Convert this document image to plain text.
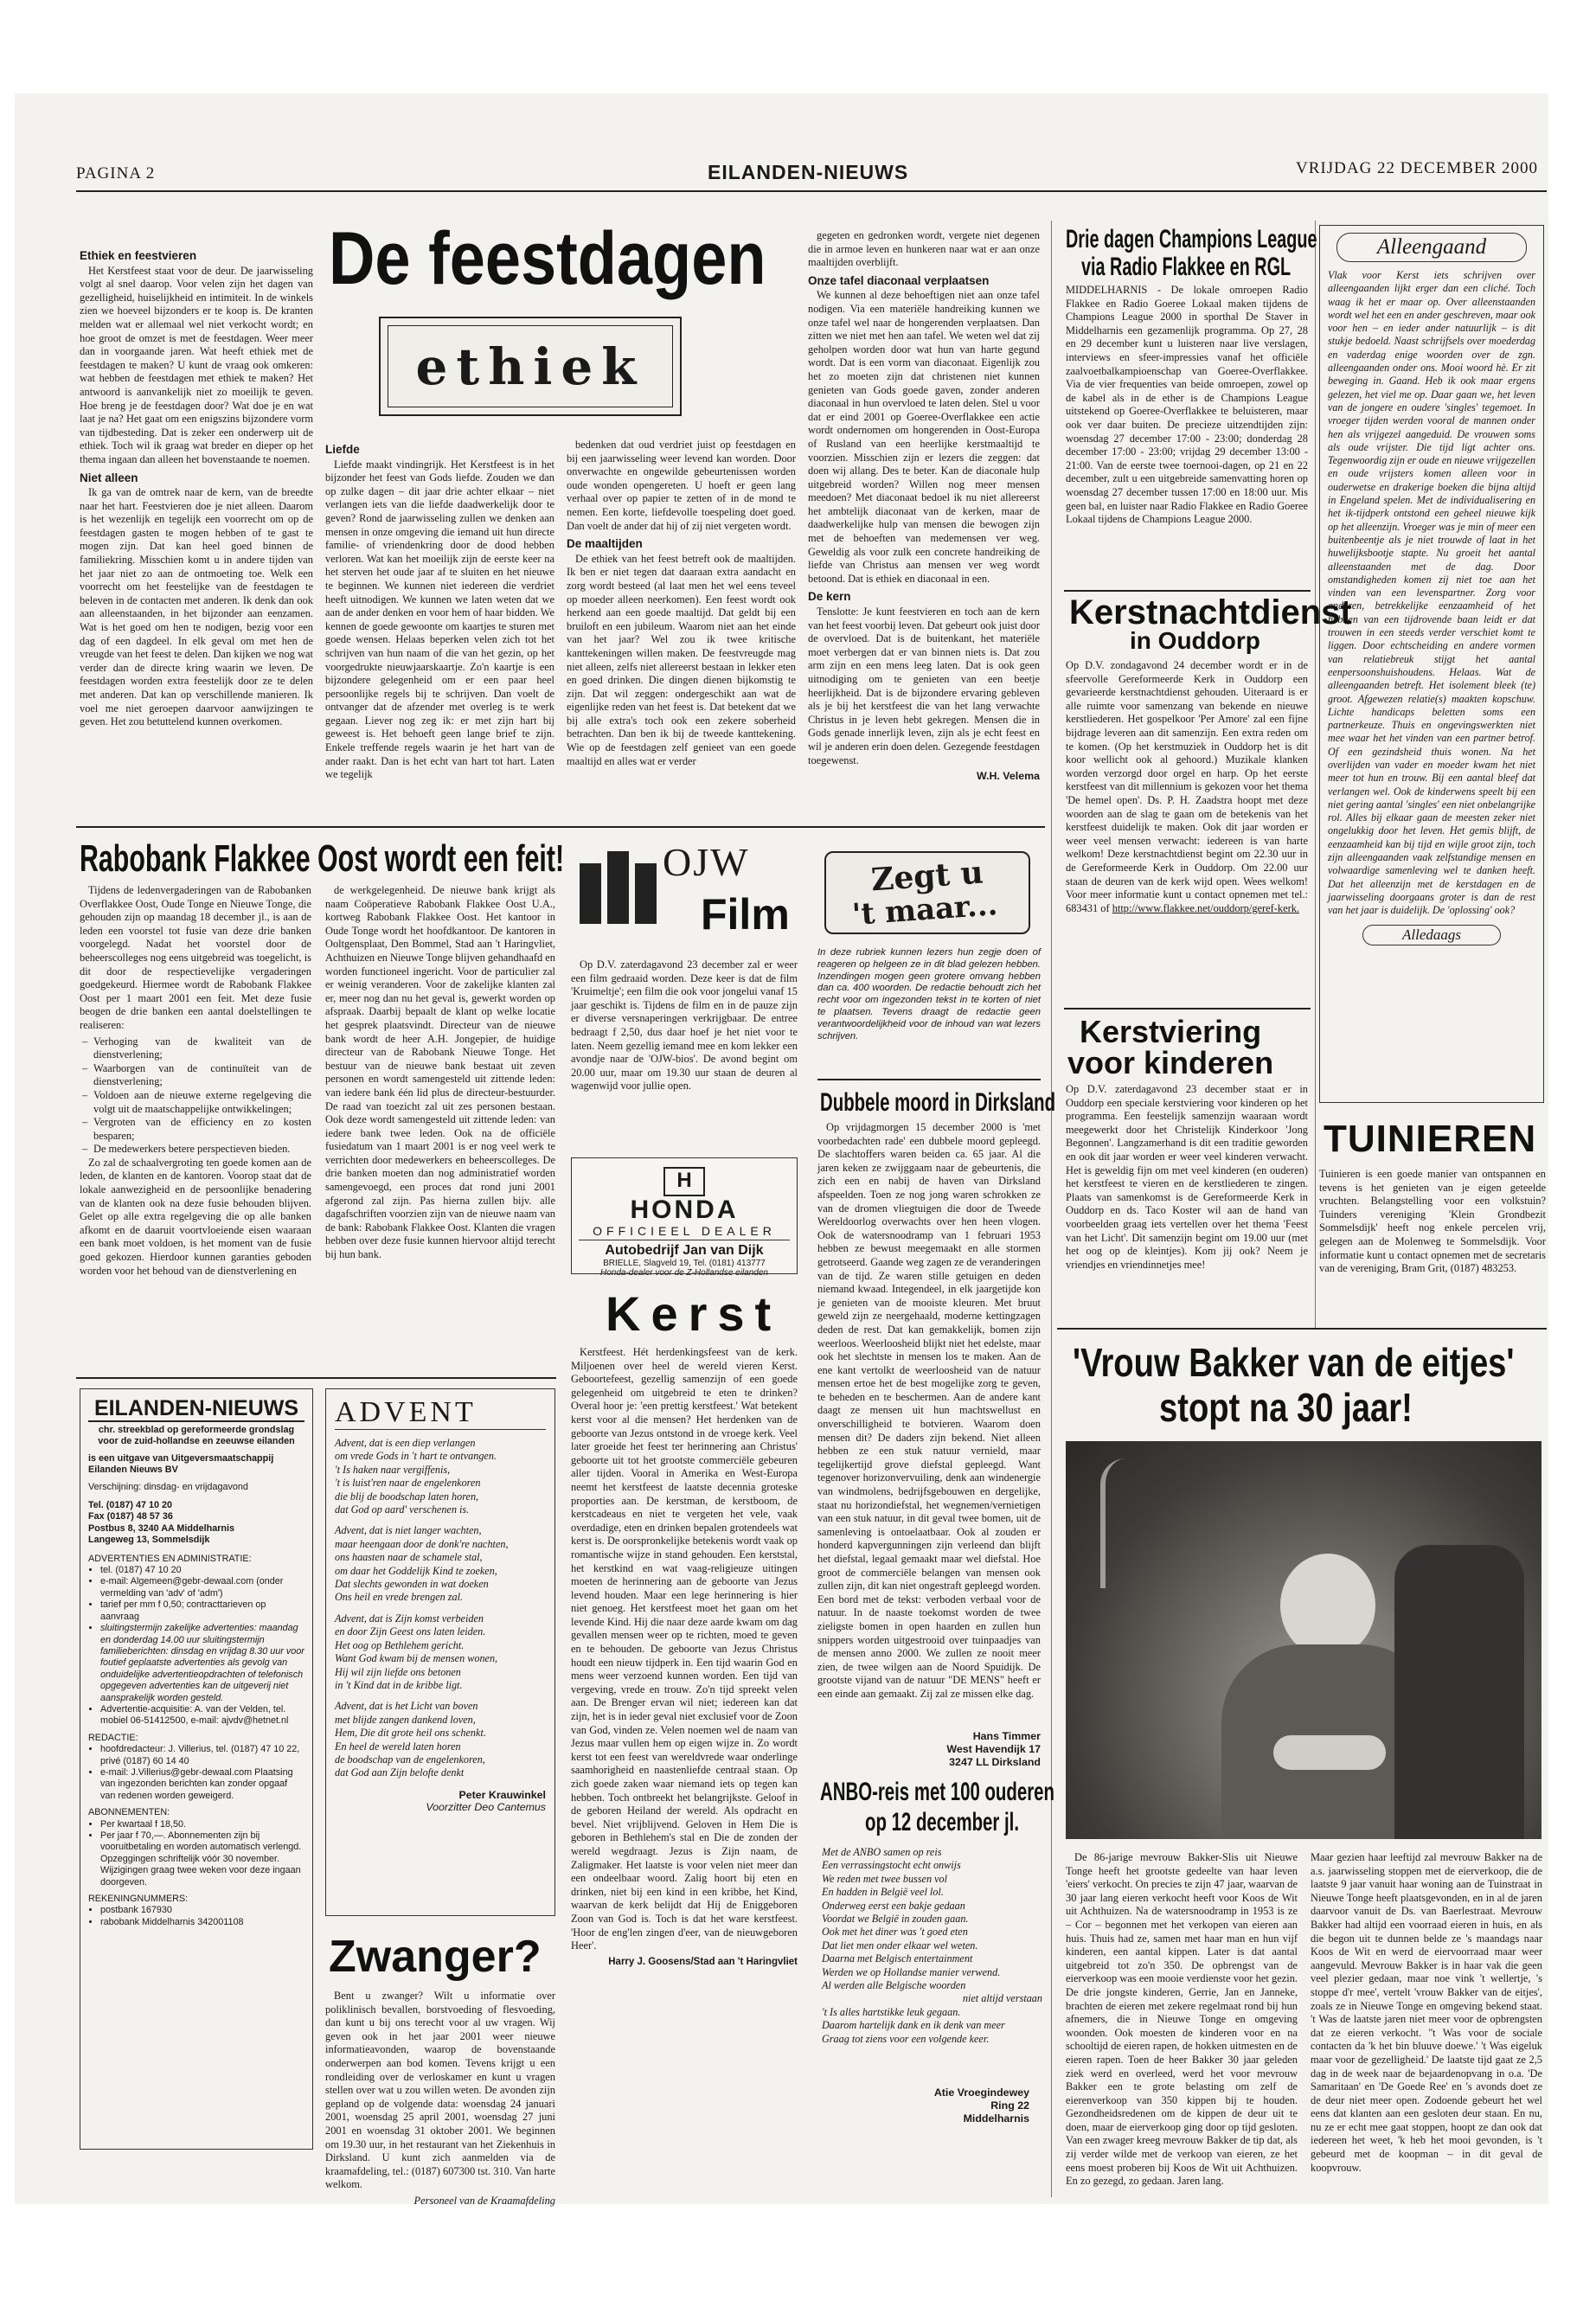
PAGINA 2	EILANDEN-NIEUWS	VRIJDAG 22 DECEMBER 2000
De feestdagen
ethiek
Ethiek en feestvieren

Het Kerstfeest staat voor de deur. De jaarwisseling volgt al snel daarop. Voor velen zijn het dagen van gezelligheid, huiselijkheid en intimiteit. In de winkels zien we hoeveel bijzonders er te koop is. De kranten melden wat er allemaal wel niet verkocht wordt; en hoe groot de omzet is met de feestdagen. Weer meer dan in voorgaande jaren. Wat heeft ethiek met de feestdagen te maken? U kunt de vraag ook omkeren: wat hebben de feestdagen met ethiek te maken? Het antwoord is aanvankelijk niet zo moeilijk te geven. Hoe breng je de feestdagen door? Wat doe je en wat laat je na? Het gaat om een enigszins bijzondere vorm van tijdbesteding. Dat is zeker een onderwerp uit de ethiek. Toch wil ik graag wat breder en dieper op het thema ingaan dan alleen het bovenstaande te noemen.

Niet alleen

Ik ga van de omtrek naar de kern, van de breedte naar het hart. Feestvieren doe je niet alleen. Daarom is het wezenlijk en tegelijk een voorrecht om op de feestdagen gasten te mogen hebben of te gast te mogen zijn. Dat kan heel goed binnen de familiekring. Misschien komt u in andere tijden van het jaar niet zo aan de ontmoeting toe. Welk een voorrecht om het feestelijke van de feestdagen te beleven in de contacten met anderen. Ik denk dan ook aan alleenstaanden, in het bijzonder aan eenzamen. Wat is het goed om hen te nodigen, bezig voor een dag of een dagdeel. In elk geval om met hen de vreugde van het feest te delen. Dan kijken we nog wat verder dan de directe kring waarin we leven. De feestdagen worden extra feestelijk door ze te delen met anderen. Dat kan op verschillende manieren. Ik voel me niet geroepen daarvoor aanwijzingen te geven. Het zou betuttelend kunnen overkomen.

Liefde

Liefde maakt vindingrijk. Het Kerstfeest is in het bijzonder het feest van Gods liefde. Zouden we dan op zulke dagen – dit jaar drie achter elkaar – niet verlangen iets van die liefde daadwerkelijk door te geven? Rond de jaarwisseling zullen we denken aan mensen in onze omgeving die iemand uit hun directe familie- of vriendenkring door de dood hebben verloren. Wat kan het moeilijk zijn de eerste keer na het sterven het oude jaar af te sluiten en het nieuwe te beginnen. We kunnen niet iedereen die verdriet heeft uitnodigen. We kunnen we laten weten dat we aan de ander denken en voor hem of haar bidden. We kennen de goede gewoonte om kaartjes te sturen met goede wensen. Helaas beperken velen zich tot het schrijven van hun naam of die van het gezin, op het voorgedrukte nieuwjaarskaartje. Zo'n kaartje is een bijzondere gelegenheid om er een paar heel persoonlijke regels bij te schrijven. Dan voelt de ontvanger dat de afzender met overleg is te werk gegaan. Liever nog zeg ik: er met zijn hart bij geweest is. Het behoeft geen lange brief te zijn. Enkele treffende regels waarin je het hart van de ander raakt. Dan is het echt van hart tot hart. Laten we tegelijk

bedenken dat oud verdriet juist op feestdagen en bij een jaarwisseling weer levend kan worden. Door onverwachte en ongewilde gebeurtenissen worden oude wonden opengereten. U hoeft er geen lang verhaal over op papier te zetten of in de mond te nemen. Een korte, liefdevolle toespeling doet goed. Dan voelt de ander dat hij of zij niet vergeten wordt.

De maaltijden

De ethiek van het feest betreft ook de maaltijden. Ik ben er niet tegen dat daaraan extra aandacht en zorg wordt besteed (al laat men het wel eens teveel op moeder alleen neerkomen). Een feest wordt ook herkend aan een goede maaltijd. Dat geldt bij een bruiloft en een jubileum. Waarom niet aan het einde van het jaar? Wel zou ik twee kritische kanttekeningen willen maken. De feestvreugde mag niet alleen, zelfs niet allereerst bestaan in lekker eten en goed drinken. Die dingen dienen bijkomstig te zijn. Dat wil zeggen: ondergeschikt aan wat de eigenlijke reden van het feest is. Dat betekent dat we bij alle extra's toch ook een zekere soberheid betrachten. Dan ben ik bij de tweede kanttekening. Wie op de feestdagen zelf genieet van een goede maaltijd en alles wat er verder

gegeten en gedronken wordt, vergete niet degenen die in armoe leven en hunkeren naar wat er aan onze maaltijden overblijft.

Onze tafel diaconaal verplaatsen

We kunnen al deze behoeftigen niet aan onze tafel nodigen. Via een materiële handreiking kunnen we onze tafel wel naar de hongerenden verplaatsen. Dan zitten we niet met hen aan tafel. We weten wel dat zij geholpen worden door wat hun van harte gegund wordt. Dat is een vorm van diaconaat. Eigenlijk zou het zo moeten zijn dat christenen niet kunnen genieten van Gods goede gaven, zonder anderen diaconaal in hun overvloed te laten delen. Stel u voor dat er eind 2001 op Goeree-Overflakkee een actie wordt ondernomen om hongerenden in Oost-Europa of Rusland van een heerlijke kerstmaaltijd te voorzien. Misschien zijn er lezers die zeggen: dat doen wij allang. Des te beter. Kan de diaconale hulp uitgebreid worden? Willen nog meer mensen meedoen? Met diaconaat bedoel ik nu niet allereerst het ambtelijk diaconaat van de kerken, maar de daadwerkelijke hulp van mensen die bewogen zijn met de behoeften van medemensen ver weg. Geweldig als voor zulk een concrete handreiking de liefde van Christus aan mensen ver weg wordt betoond. Dat is ethiek en diaconaal in een.

De kern

Tenslotte: Je kunt feestvieren en toch aan de kern van het feest voorbij leven. Dat gebeurt ook juist door de overvloed. Dat is de buitenkant, het materiële moet verbergen dat er van binnen niets is. Dat zou arm zijn en een mens leeg laten. Dat is ook geen uitnodiging om te genieten van een beetje heerlijkheid. Dat is de bijzondere ervaring gebleven als je bij het kerstfeest die van het lang verwachte Christus in je leven hebt gekregen. Mensen die in Gods genade innerlijk leven, zijn als je echt feest en wil je anderen erin doen delen. Gezegende feestdagen toegewenst.

W.H. Velema
Rabobank Flakkee Oost wordt een feit!

Tijdens de ledenvergaderingen van de Rabobanken Overflakkee Oost, Oude Tonge en Nieuwe Tonge, die gehouden zijn op maandag 18 december jl., is aan de leden een voorstel tot fusie van deze drie banken voorgelegd. Nadat het voorstel door de beheerscolleges nog eens uitgebreid was toegelicht, is dit door de respectievelijke vergaderingen goedgekeurd. Hiermee wordt de Rabobank Flakkee Oost per 1 maart 2001 een feit. Met deze fusie beogen de drie banken een aantal doelstellingen te realiseren:

– Verhoging van de kwaliteit van de dienstverlening;
– Waarborgen van de continuïteit van de dienstverlening;
– Voldoen aan de nieuwe externe regelgeving die volgt uit de maatschappelijke ontwikkelingen;
– Vergroten van de efficiency en zo kosten besparen;
– De medewerkers betere perspectieven bieden.

Zo zal de schaalvergroting ten goede komen aan de leden, de klanten en de kantoren. Voorop staat dat de lokale aanwezigheid en de persoonlijke benadering van de klanten ook na deze fusie behouden blijven. Gelet op alle extra regelgeving die op alle banken afkomt en de daaruit voortvloeiende eisen waaraan een bank moet voldoen, is het moment van de fusie goed gekozen. Hierdoor kunnen garanties geboden worden voor het behoud van de dienstverlening en

de werkgelegenheid. De nieuwe bank krijgt als naam Coöperatieve Rabobank Flakkee Oost U.A., kortweg Rabobank Flakkee Oost. Het kantoor in Oude Tonge wordt het hoofdkantoor. De kantoren in Ooltgensplaat, Den Bommel, Stad aan 't Haringvliet, Achthuizen en Nieuwe Tonge blijven gehandhaafd en worden functioneel ingericht. Voor de particulier zal er weinig veranderen. Voor de zakelijke klanten zal er, meer nog dan nu het geval is, gewerkt worden op afspraak. Daarbij bepaalt de klant op welke locatie het gesprek plaatsvindt. Directeur van de nieuwe bank wordt de heer A.H. Jongepier, de huidige directeur van de Rabobank Nieuwe Tonge. Het bestuur van de nieuwe bank bestaat uit zeven personen en wordt samengesteld uit zittende leden: van iedere bank één lid plus de directeur-bestuurder. De raad van toezicht zal uit zes personen bestaan. Ook deze wordt samengesteld uit zittende leden: van iedere bank twee leden. Ook na de officiële fusiedatum van 1 maart 2001 is er nog veel werk te verrichten door medewerkers en beheerscolleges. De drie banken moeten dan nog administratief worden samengevoegd, een proces dat rond juni 2001 afgerond zal zijn. Pas hierna zullen bijv. alle dagafschriften voorzien zijn van de nieuwe naam van de bank: Rabobank Flakkee Oost. Klanten die vragen hebben over deze fusie kunnen hiervoor altijd terecht bij hun bank.

EILANDEN-NIEUWS
chr. streekblad op gereformeerde grondslag voor de zuid-hollandse en zeeuwse eilanden
is een uitgave van Uitgeversmaatschappij Eilanden Nieuws BV
Verschijning: dinsdag- en vrijdagavond
Tel. (0187) 47 10 20
Fax (0187) 48 57 36
Postbus 8, 3240 AA Middelharnis
Langeweg 13, Sommelsdijk
ADVERTENTIES EN ADMINISTRATIE:
• tel. (0187) 47 10 20
• e-mail: Algemeen@gebr-dewaal.com (onder vermelding van 'adv' of 'adm')
• tarief per mm f 0,50; contracttarieven op aanvraag
• sluitingstermijn zakelijke advertenties: maandag en donderdag 14.00 uur sluitingstermijn familieberichten: dinsdag en vrijdag 8.30 uur voor foutief geplaatste advertenties als gevolg van onduidelijke advertentieopdrachten of telefonisch opgegeven advertenties kan de uitgeverij niet aansprakelijk worden gesteld.
• Advertentie-acquisitie: A. van der Velden, tel. mobiel 06-51412500, e-mail: ajvdv@hetnet.nl
REDACTIE:
• hoofdredacteur: J. Villerius, tel. (0187) 47 10 22, privé (0187) 60 14 40
• e-mail: J.Villerius@gebr-dewaal.com Plaatsing van ingezonden berichten kan zonder opgaaf van redenen worden geweigerd.
ABONNEMENTEN:
• Per kwartaal f 18,50.
• Per jaar f 70,—. Abonnementen zijn bij vooruitbetaling en worden automatisch verlengd. Opzeggingen schriftelijk vóór 30 november. Wijzigingen graag twee weken voor deze ingaan doorgeven.
REKENINGNUMMERS:
• postbank 167930
• rabobank Middelharnis 342001108
ADVENT
Advent, dat is een diep verlangen
om vrede Gods in 't hart te ontvangen.
't Is haken naar vergiffenis,
't is luist'ren naar de engelenkoren
die blij de boodschap laten horen,
dat God op aard' verschenen is.
Advent, dat is niet langer wachten,
maar heengaan door de donk're nachten,
ons haasten naar de schamele stal,
om daar het Goddelijk Kind te zoeken,
Dat slechts gewonden in wat doeken
Ons heil en vrede brengen zal.
Advent, dat is Zijn komst verbeiden
en door Zijn Geest ons laten leiden.
Het oog op Bethlehem gericht.
Want God kwam bij de mensen wonen,
Hij wil zijn liefde ons betonen
in 't Kind dat in de kribbe ligt.
Advent, dat is het Licht van boven
met blijde zangen dankend loven,
Hem, Die dit grote heil ons schenkt.
En heel de wereld laten horen
de boodschap van de engelenkoren,
dat God aan Zijn belofte denkt
Peter Krauwinkel
Voorzitter Deo Cantemus
Zwanger?

Bent u zwanger? Wilt u informatie over poliklinisch bevallen, borstvoeding of flesvoeding, dan kunt u bij ons terecht voor al uw vragen. Wij geven ook in het jaar 2001 weer nieuwe informatieavonden, waarop de bovenstaande onderwerpen aan bod komen. Tevens krijgt u een rondleiding over de verloskamer en kunt u vragen stellen over wat u zou willen weten. De avonden zijn gepland op de volgende data: woensdag 24 januari 2001, woensdag 25 april 2001, woensdag 27 juni 2001 en woensdag 31 oktober 2001. We beginnen om 19.30 uur, in het restaurant van het Ziekenhuis in Dirksland. U kunt zich aanmelden via de kraamafdeling, tel.: (0187) 607300 tst. 310. Van harte welkom.

Personeel van de Kraamafdeling
OJW
Film

Op D.V. zaterdagavond 23 december zal er weer een film gedraaid worden. Deze keer is dat de film 'Kruimeltje'; een film die ook voor jongelui vanaf 15 jaar geschikt is. Tijdens de film en in de pauze zijn er diverse versnaperingen verkrijgbaar. De entree bedraagt f 2,50, dus daar hoef je het niet voor te laten. Neem gezellig iemand mee en kom lekker een avondje naar de 'OJW-bios'. De avond begint om 20.00 uur, maar om 19.30 uur staan de deuren al wagenwijd voor jullie open.

H
HONDA
OFFICIEEL DEALER
Autobedrijf Jan van Dijk
BRIELLE, Slagveld 19, Tel. (0181) 413777
Honda-dealer voor de Z-Hollandse eilanden
Kerst

Kerstfeest. Hét herdenkingsfeest van de kerk. Miljoenen over heel de wereld vieren Kerst. Geboortefeest, gezellig samenzijn of een goede gelegenheid om uitgebreid te eten te drinken? Overal hoor je: 'een prettig kerstfeest.' Wat betekent kerst voor al die mensen? Het herdenken van de geboorte van Jezus ontstond in de vroege kerk. Veel later groeide het feest ter herinnering aan Christus' geboorte uit tot het grootste commerciële gebeuren aller tijden. Vooral in Amerika en West-Europa neemt het kerstfeest de laatste decennia groteske proporties aan. De kerstman, de kerstboom, de kerstcadeaus en niet te vergeten het vele, vaak overdadige, eten en drinken bepalen grotendeels wat kerst is. De oorspronkelijke betekenis wordt vaak op romantische wijze in stand gehouden. Een kerststal, het kerstkind en wat vaag-religieuze uitingen moeten de herinnering aan de geboorte van Jezus levend houden. Maar een lege herinnering is hier niet genoeg. Het kerstfeest moet het gaan om het levende Kind. Hij die naar deze aarde kwam om dag gevallen mensen weer op te richten, moed te geven en te behouden. De geboorte van Jezus Christus houdt een nieuw tijdperk in. Een tijd waarin God en mens weer verzoend kunnen worden. Een tijd van vergeving, vrede en trouw. Zo'n tijd spreekt velen aan. De Brenger ervan wil niet; iedereen kan dat zijn, het is in ieder geval niet exclusief voor de Zoon van God, vinden ze. Velen noemen wel de naam van Jezus maar vullen hem op eigen wijze in. Zo wordt kerst tot een feest van wereldvrede waar onderlinge saamhorigheid en naastenliefde centraal staan. Op zich goede zaken waar niemand iets op tegen kan hebben. Toch ontbreekt het belangrijkste. Geloof in de geboren Heiland der wereld. Als opdracht en bevel. Niet vrijblijvend. Geloven in Hem Die is geboren in Bethlehem's stal en Die de zonden der wereld wegdraagt. Jezus is Zijn naam, de Zaligmaker. Het laatste is voor velen niet meer dan een ondeelbaar woord. Zalig hoort bij eten en drinken, niet bij een kind in een kribbe, het Kind, waarvan de kerk belijdt dat Hij de Eniggeboren Zoon van God is. Toch is dat het ware kerstfeest. 'Hoor de eng'len zingen d'eer, van de nieuwgeboren Heer'.

Harry J. Goosens/Stad aan 't Haringvliet
Zegt u
't maar...
In deze rubriek kunnen lezers hun zegje doen of reageren op helgeen ze in dit blad gelezen hebben. Inzendingen mogen geen grotere omvang hebben dan ca. 400 woorden. De redactie behoudt zich het recht voor om ingezonden tekst in te korten of niet te plaatsen. Tevens draagt de redactie geen verantwoordelijkheid voor de inhoud van wat lezers schrijven.
Dubbele moord in Dirksland

Op vrijdagmorgen 15 december 2000 is 'met voorbedachten rade' een dubbele moord gepleegd. De slachtoffers waren beiden ca. 65 jaar. Al die jaren keken ze zwijggaam naar de gebeurtenis, die zich een en nabij de haven van Dirksland afspeelden. Toen ze nog jong waren schrokken ze van de dromen vliegtuigen die door de Tweede Wereldoorlog overwachts over hen heen vlogen. Ook de watersnoodramp van 1 februari 1953 hebben ze bewust meegemaakt en alle stormen getrotseerd. Gaande weg zagen ze de veranderingen van de tijd. Ze waren stille getuigen en deden niemand kwaad. Integendeel, in elk jaargetijde kon je genieten van de mooiste kleuren. Met bruut geweld zijn ze neergehaald, moderne kettingzagen deden de rest. Dat kan gemakkelijk, bomen zijn weerloos. Weerloosheid blijkt niet het edelste, maar ook het slechtste in mensen los te maken. Aan de ene kant vertolkt de weerloosheid van de natuur mensen ertoe het de best mogelijke zorg te geven, te beheden en te beschermen. Aan de andere kant daagt ze mensen uit hun machtswellust en onverschilligheid te botvieren. Waarom doen mensen dit? De daders zijn bekend. Niet alleen hebben ze een stuk natuur vernield, maar tegelijkertijd grove diefstal gepleegd. Want tegenover horizonvervuiling, denk aan windenergie van windmolens, bedrijfsgebouwen en dergelijke, staat nu horizondiefstal, het wegnemen/vernietigen van een stuk natuur, in dit geval twee bomen, uit de samenleving is ontoelaatbaar. Ook al zouden er honderd kapvergunningen zijn verleend dan blijft het diefstal, legaal gemaakt maar wel diefstal. Hoe groot de commerciële belangen van mensen ook zullen zijn, dit kan niet ongestraft gepleegd worden. Een bord met de tekst: verboden verbaal voor de natuur. In de naaste toekomst worden de twee zieligste bomen in open haarden en zullen hun snippers worden uitgestrooid over tuinpaadjes van de mensen anno 2000. We zullen ze nooit meer zien, de twee wilgen aan de Noord Spuidijk. De grootste vijand van de natuur "DE MENS" heeft er een einde aan gemaakt. Zij zal ze missen elke dag.

Hans Timmer
West Havendijk 17
3247 LL Dirksland
ANBO-reis met 100 ouderen
op 12 december jl.
Met de ANBO samen op reis
Een verrassingstocht echt onwijs
We reden met twee bussen vol
En hadden in België veel lol.
Onderweg eerst een bakje gedaan
Voordat we België in zouden gaan.
Ook met het diner was 't goed eten
Dat liet men onder elkaar wel weten.
Daarna met Belgisch entertainment
Werden we op Hollandse manier verwend.
Al werden alle Belgische woorden
niet altijd verstaan
't Is alles hartstikke leuk gegaan.
Daarom hartelijk dank en ik denk van meer
Graag tot ziens voor een volgende keer.
Atie Vroegindewey
Ring 22
Middelharnis
Drie dagen Champions League
via Radio Flakkee en RGL

MIDDELHARNIS - De lokale omroepen Radio Flakkee en Radio Goeree Lokaal maken tijdens de Champions League 2000 in sporthal De Staver in Middelharnis een gezamenlijk programma. Op 27, 28 en 29 december kunt u luisteren naar live verslagen, interviews en sfeer-impressies vanaf het officiële zaalvoetbalkampioenschap van Goeree-Overflakkee. Via de vier frequenties van beide omroepen, zowel op de kabel als in de ether is de Champions League uitstekend op Goeree-Overflakkee te beluisteren, maar ook ver daar buiten. De precieze uitzendtijden zijn: woensdag 27 december 17:00 - 23:00; donderdag 28 december 17:00 - 23:00; vrijdag 29 december 13:00 - 21:00. Van de eerste twee toernooi-dagen, op 21 en 22 december, zult u een uitgebreide samenvatting horen op woensdag 27 december tussen 17:00 en 18:00 uur. Mis geen bal, en luister naar Radio Flakkee en Radio Goeree Lokaal tijdens de Champions League 2000.

Kerstnachtdienst
in Ouddorp

Op D.V. zondagavond 24 december wordt er in de sfeervolle Gereformeerde Kerk in Ouddorp een gevarieerde kerstnachtdienst gehouden. Uiteraard is er alle ruimte voor samenzang van bekende en nieuwe kerstliederen. Het gospelkoor 'Per Amore' zal een fijne bijdrage leveren aan dit samenzijn. Een extra reden om te komen. (Op het kerstmuziek in Ouddorp het is dit koor wellicht ook al gehoord.) Muzikale klanken worden verzorgd door orgel en harp. Op het eerste kerstfeest van dit millennium is gekozen voor het thema 'De hemel open'. Ds. P. H. Zaadstra hoopt met deze woorden aan de slag te gaan om de betekenis van het kerstfeest duidelijk te maken. Ook dit jaar worden er weer veel mensen verwacht: iedereen is van harte welkom! Deze kerstnachtdienst begint om 22.30 uur in de Gereformeerde Kerk in Ouddorp. Om 22.00 uur staan de deuren van de kerk wijd open. Wees welkom! Voor meer informatie kunt u contact opnemen met tel.: 683431 of http://www.flakkee.net/ouddorp/geref-kerk.

Kerstviering
voor kinderen

Op D.V. zaterdagavond 23 december staat er in Ouddorp een speciale kerstviering voor kinderen op het programma. Een feestelijk samenzijn waaraan wordt meegewerkt door het Christelijk Kinderkoor 'Jong Begonnen'. Langzamerhand is dit een traditie geworden en ook dit jaar worden er weer veel kinderen verwacht. Het is geweldig fijn om met veel kinderen (en ouderen) het kerstfeest te vieren en de kerstliederen te zingen. Plaats van samenkomst is de Gereformeerde Kerk in Ouddorp en ds. Taco Koster wil aan de hand van voorbeelden graag iets vertellen over het thema 'Feest van het Licht'. Dit samenzijn begint om 19.00 uur (met het oog op de kleintjes). Kom jij ook? Neem je vriendjes en vriendinnetjes mee!

Alleengaand
Vlak voor Kerst iets schrijven over alleengaanden lijkt erger dan een cliché. Toch waag ik het er maar op. Over alleenstaanden wordt wel het een en ander geschreven, maar ook voor hen – en ieder ander natuurlijk – is dit stukje bedoeld. Naast schrijfsels over moederdag en vaderdag enige woorden over de zgn. alleengaanden onder ons. Mooi woord hè. Er zit beweging in. Gaand. Heb ik ook maar ergens gelezen, het viel me op. Daar gaan we, het leven van de jongere en oudere 'singles' tegemoet. In vroeger tijden werden vooral de mannen onder hen als vrijgezel aangeduid. De vrouwen soms als oude vrijster. Die tijd ligt achter ons. Tegenwoordig zijn er oude en nieuwe vrijgezellen en oude vrijsters komen alleen voor in ouderwetse en drakerige boeken die bijna altijd in Engeland spelen. Met de individualisering en het ik-tijdperk ontstond een geheel nieuwe kijk op het alleenzijn. Vroeger was je min of meer een buitenbeentje als je niet trouwde of laat in het huwelijksbootje stapte. Nu groeit het aantal alleenstaanden met de dag. Door omstandigheden komen zij niet toe aan het vinden van een levenspartner. Zorg voor anderen, betrekkelijke eenzaamheid of het hebben van een tijdrovende baan leidt er dat trouwen in een steeds verder verschiet komt te liggen. Door echtscheiding en andere vormen van relatiebreuk stijgt het aantal eenpersoonshuishoudens. Helaas. Wat de alleengaanden betreft. Het isolement bleek (te) groot. Afgewezen relatie(s) maakten kopschuw. Lichte handicaps beletten soms een partnerkeuze. Thuis en ongevingswerkten niet mee waar het het vinden van een partner betrof. Of een gezindsheid thuis wonen. Na het overlijden van vader en moeder kwam het niet meer tot hun en trouw. Bij een aantal bleef dat verlangen wel. Ook de kinderwens speelt bij een niet gering aantal 'singles' een niet onbelangrijke rol. Alles bij elkaar gaan de meesten zeker niet ongelukkig door het leven. Het gemis blijft, de eenzaamheid kan bij tijd en wijle groot zijn, toch zijn alleengaanden vaak zelfstandige mensen en volwaardige samenleving wel te danken heeft. Dat het alleenzijn met de kerstdagen en de jaarwisseling doorgaans groter is dan de rest van het jaar is duidelijk. De 'oplossing' ook?
Alledaags
TUINIEREN

Tuinieren is een goede manier van ontspannen en tevens is het genieten van je eigen geteelde vruchten. Belangstelling voor een volkstuin? Tuinders vereniging 'Klein Grondbezit Sommelsdijk' heeft nog enkele percelen vrij, gelegen aan de Molenweg te Sommelsdijk. Voor informatie kunt u contact opnemen met de secretaris van de vereniging, Bram Grit, (0187) 483253.

'Vrouw Bakker van de eitjes'
stopt na 30 jaar!

De 86-jarige mevrouw Bakker-Slis uit Nieuwe Tonge heeft het grootste gedeelte van haar leven 'eiers' verkocht. On precies te zijn 47 jaar, waarvan de 30 jaar lang eieren verkocht heeft voor Koos de Wit uit Achthuizen. Na de watersnoodramp in 1953 is ze – Cor – begonnen met het verkopen van eieren aan huis. Thuis had ze, samen met haar man en hun vijf kinderen, een aantal kippen. Later is dat aantal uitgebreid tot zo'n 350. De opbrengst van de eierverkoop was een mooie verdienste voor het gezin. De drie jongste kinderen, Gerrie, Jan en Janneke, brachten de eieren met zekere regelmaat rond bij hun afnemers, die in Nieuwe Tonge en omgeving woonden. Ook moesten de kinderen voor en na schooltijd de eieren rapen, de hokken uitmesten en de eieren rapen. Toen de heer Bakker 30 jaar geleden ziek werd en overleed, werd het voor mevrouw Bakker een te grote belasting om zelf de eierenverkoop van 350 kippen bij te houden. Gezondheidsredenen om de kippen de deur uit te doen, maar de eierverkoop ging door op tijd gesloten. Van een zwager kreeg mevrouw Bakker de tip dat, als zij verder wilde met de verkoop van eieren, ze het eens moest proberen bij Koos de Wit uit Achthuizen. En zo gezegd, zo gedaan. Jaren lang.

Maar gezien haar leeftijd zal mevrouw Bakker na de a.s. jaarwisseling stoppen met de eierverkoop, die de laatste 9 jaar vanuit haar woning aan de Tuinstraat in Nieuwe Tonge heeft plaatsgevonden, en in al de jaren daarvoor vanuit de Ds. van Baerlestraat. Mevrouw Bakker had altijd een voorraad eieren in huis, en als die begon uit te dunnen belde ze 's maandags naar Koos de Wit en werd de eiervoorraad maar weer aangevuld. Mevrouw Bakker is in haar vak die geen veel plezier gedaan, maar noe vink 't wellertje, 's stoppe d'r mee', vertelt 'vrouw Bakker van de eitjes', zoals ze in Nieuwe Tonge en omgeving bekend staat. 't Was de laatste jaren niet meer voor de opbrengsten dat ze eieren verkocht. ''t Was voor de sociale contacten da 'k het bin bluuve doewe.' 't Was eigeluk maar voor de gezelligheid.' De laatste tijd gaat ze 2,5 dag in de week naar de bejaardenopvang in o.a. 'De Samaritaan' en 'De Goede Ree' en 's avonds doet ze de deur niet meer open. Zodoende gebeurt het wel eens dat klanten aan een gesloten deur staan. En nu, nu ze er echt mee gaat stoppen, hoopt ze dan ook dat iedereen het weet, 'k heb het mooi gevonden, is 't gebeurd met de koopman – in dit geval de koopvrouw.
